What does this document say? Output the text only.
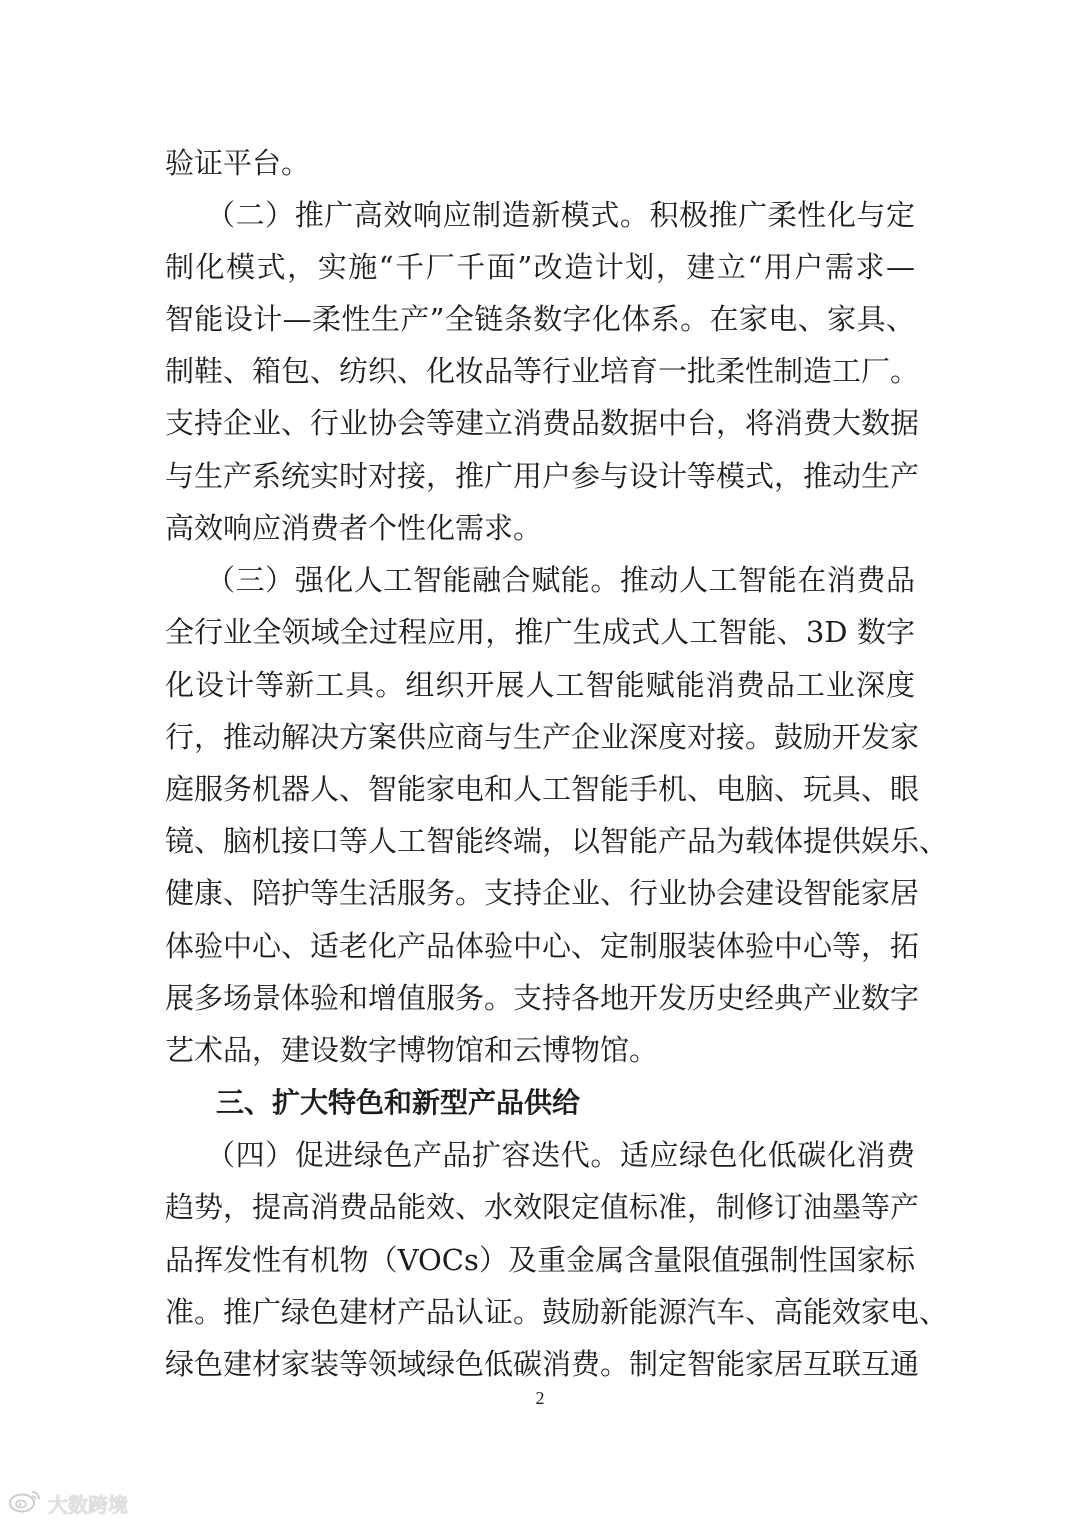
验证平台。
（二）推广高效响应制造新模式。积极推广柔性化与定
制化模式，实施“千厂千面”改造计划，建立“用户需求—
智能设计—柔性生产”全链条数字化体系。在家电、家具、
制鞋、箱包、纺织、化妆品等行业培育一批柔性制造工厂。
支持企业、行业协会等建立消费品数据中台，将消费大数据
与生产系统实时对接，推广用户参与设计等模式，推动生产
高效响应消费者个性化需求。
（三）强化人工智能融合赋能。推动人工智能在消费品
全行业全领域全过程应用，推广生成式人工智能、3D 数字
化设计等新工具。组织开展人工智能赋能消费品工业深度
行，推动解决方案供应商与生产企业深度对接。鼓励开发家
庭服务机器人、智能家电和人工智能手机、电脑、玩具、眼
镜、脑机接口等人工智能终端，以智能产品为载体提供娱乐、
健康、陪护等生活服务。支持企业、行业协会建设智能家居
体验中心、适老化产品体验中心、定制服装体验中心等，拓
展多场景体验和增值服务。支持各地开发历史经典产业数字
艺术品，建设数字博物馆和云博物馆。
三、扩大特色和新型产品供给
（四）促进绿色产品扩容迭代。适应绿色化低碳化消费
趋势，提高消费品能效、水效限定值标准，制修订油墨等产
品挥发性有机物（VOCs）及重金属含量限值强制性国家标
准。推广绿色建材产品认证。鼓励新能源汽车、高能效家电、
绿色建材家装等领域绿色低碳消费。制定智能家居互联互通
2
大数跨境
